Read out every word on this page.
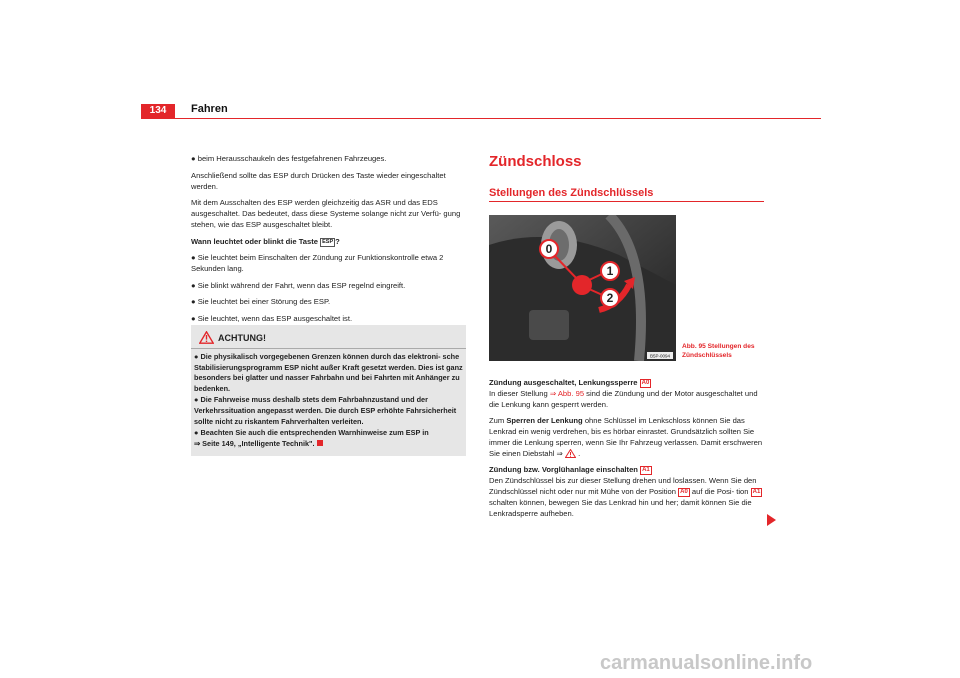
134	Fahren

● beim Herausschaukeln des festgefahrenen Fahrzeuges.

Anschließend sollte das ESP durch Drücken des Taste wieder eingeschaltet werden.

Mit dem Ausschalten des ESP werden gleichzeitig das ASR und das EDS ausgeschaltet. Das bedeutet, dass diese Systeme solange nicht zur Verfü- gung stehen, wie das ESP ausgeschaltet bleibt.

Wann leuchtet oder blinkt die Taste ESP ?

● Sie leuchtet beim Einschalten der Zündung zur Funktionskontrolle etwa 2 Sekunden lang.

● Sie blinkt während der Fahrt, wenn das ESP regelnd eingreift.

● Sie leuchtet bei einer Störung des ESP.

● Sie leuchtet, wenn das ESP ausgeschaltet ist.

ACHTUNG!

● Die physikalisch vorgegebenen Grenzen können durch das elektroni- sche Stabilisierungsprogramm ESP nicht außer Kraft gesetzt werden. Dies ist ganz besonders bei glatter und nasser Fahrbahn und bei Fahrten mit Anhänger zu bedenken.

● Die Fahrweise muss deshalb stets dem Fahrbahnzustand und der Verkehrssituation angepasst werden. Die durch ESP erhöhte Fahrsicherheit sollte nicht zu riskantem Fahrverhalten verleiten.

● Beachten Sie auch die entsprechenden Warnhinweise zum ESP in
⇒ Seite 149, „Intelligente Technik".

Zündschloss
Stellungen des Zündschlüssels
0
1
2
B5P-0094
Abb. 95 Stellungen des
Zündschlüssels

Zündung ausgeschaltet, Lenkungssperre A0

In dieser Stellung ⇒ Abb. 95 sind die Zündung und der Motor ausgeschaltet und die Lenkung kann gesperrt werden.

Zum Sperren der Lenkung ohne Schlüssel im Lenkschloss können Sie das Lenkrad ein wenig verdrehen, bis es hörbar einrastet. Grundsätzlich sollten Sie immer die Lenkung sperren, wenn Sie Ihr Fahrzeug verlassen. Damit erschweren Sie einen Diebstahl ⇒ .

Zündung bzw. Vorglühanlage einschalten A1

Den Zündschlüssel bis zur dieser Stellung drehen und loslassen. Wenn Sie den Zündschlüssel nicht oder nur mit Mühe von der Position A0 auf die Posi- tion A1 schalten können, bewegen Sie das Lenkrad hin und her; damit können Sie die Lenkradsperre aufheben.

carmanualsonline.info
